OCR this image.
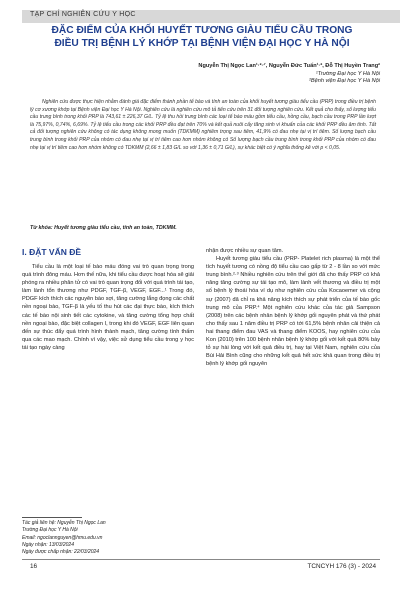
TẠP CHÍ NGHIÊN CỨU Y HỌC
ĐẶC ĐIỂM CỦA KHỐI HUYẾT TƯƠNG GIÀU TIỂU CẦU TRONG
ĐIỀU TRỊ BỆNH LÝ KHỚP TẠI BỆNH VIỆN ĐẠI HỌC Y HÀ NỘI
Nguyễn Thị Ngọc Lan¹·²·ᐟ, Nguyễn Đức Tuấn¹·², Đỗ Thị Huyền Trang²
¹Trường Đại học Y Hà Nội
²Bệnh viện Đại học Y Hà Nội
Nghiên cứu được thực hiện nhằm đánh giá đặc điểm thành phần tế bào và tính an toàn của khối huyết tương giàu tiểu cầu (PRP) trong điều trị bệnh lý cơ xương khớp tại Bệnh viện Đại học Y Hà Nội. Nghiên cứu là nghiên cứu mô tả tiến cứu trên 31 đối tượng nghiên cứu. Kết quả cho thấy, số lượng tiểu cầu trung bình trong khối PRP là 743,61 ± 226,37 G/L. Tỷ lệ thu hồi trung bình các loại tế bào máu gồm tiểu cầu, hồng cầu, bạch cầu trong PRP lần lượt là 75,97%, 0,74%, 6,69%. Tỷ lệ tiểu cầu trong các khối PRP đều đạt trên 70% và kết quả nuôi cấy tăng sinh vi khuẩn của các khối PRP đều âm tính. Tất cả đối tượng nghiên cứu không có tác dụng không mong muốn (TDKMM) nghiêm trọng sau tiêm, 41,9% có đau nhẹ tại vị trí tiêm. Số lượng bạch cầu trung bình trong khối PRP của nhóm có đau nhẹ tại vị trí tiêm cao hơn nhóm không có Số lượng bạch cầu trung bình trong khối PRP của nhóm có đau nhẹ tại vị trí tiêm cao hơn nhóm không có TDKMM (2,66 ± 1,83 G/L so với 1,36 ± 0,71 G/L), sự khác biệt có ý nghĩa thống kê với p < 0,05.
Từ khóa: Huyết tương giàu tiểu cầu, tính an toàn, TDKMM.
I. ĐẶT VẤN ĐỀ

Tiểu cầu là một loại tế bào máu đóng vai trò quan trọng trong quá trình đông máu. Hơn thế nữa, khi tiểu cầu được hoạt hóa sẽ giải phóng ra nhiều phân tử có vai trò quan trọng đối với quá trình tái tạo, làm lành tổn thương như PDGF, TGF-β, VEGF, EGF...¹ Trong đó, PDGF kích thích các nguyên bào sợi, tăng cường lắng đọng các chất nền ngoại bào, TGF-β là yếu tố thu hút các đại thực bào, kích thích các tế bào nội sinh tiết các cytokine, và tăng cường tổng hợp chất nền ngoại bào, đặc biệt collagen I, trong khi đó VEGF, EGF liên quan đến sự thúc đẩy quá trình hình thành mạch, tăng cường tính thấm qua các mao mạch. Chính vì vậy, việc sử dụng tiểu cầu trong y học tái tạo ngày càng

nhận được nhiều sự quan tâm.

Huyết tương giàu tiểu cầu (PRP- Platelet rich plasma) là một thể tích huyết tương có nồng độ tiểu cầu cao gấp từ 2 - 8 lần so với mức trung bình.²·³ Nhiều nghiên cứu trên thế giới đã cho thấy PRP có khả năng tăng cường sự tái tạo mô, làm lành vết thương và điều trị một số bệnh lý thoái hóa ví dụ như nghiên cứu của Kocaoemer và cộng sự (2007) đã chỉ ra khả năng kích thích sự phát triển của tế bào gốc trung mô của PRP.⁴ Một nghiên cứu khác của tác giả Sampson (2008) trên các bệnh nhân bệnh lý khớp gối nguyên phát và thứ phát cho thấy sau 1 năm điều trị PRP có tới 61,5% bệnh nhân cải thiện cả hai thang điểm đau VAS và thang điểm KOOS, hay nghiên cứu của Kon (2010) trên 100 bệnh nhân bệnh lý khớp gối với kết quả 80% bày tỏ sự hài lòng với kết quả điều trị, hay tại Việt Nam, nghiên cứu của Bùi Hải Bình cũng cho những kết quả hết sức khả quan trong điều trị bệnh lý khớp gối nguyên

Tác giả liên hệ: Nguyễn Thị Ngọc Lan
Trường Đại học Y Hà Nội
Email: ngoclannguyen@hmu.edu.vn
Ngày nhận: 13/03/2024
Ngày được chấp nhận: 22/03/2024
16	TCNCYH 176 (3) - 2024
